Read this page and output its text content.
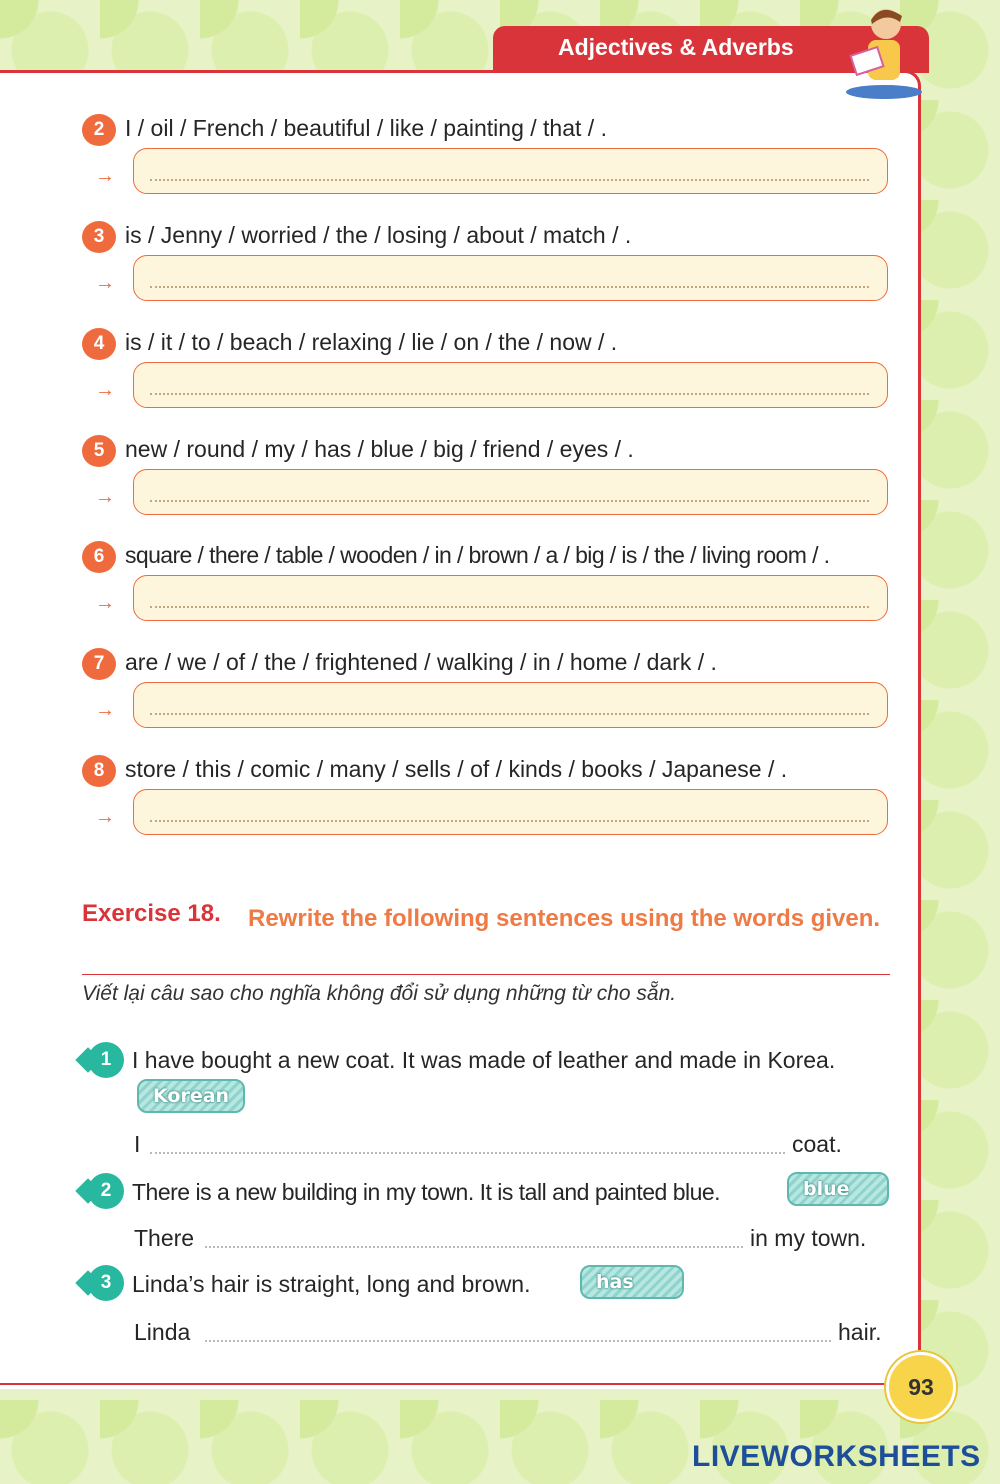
Adjectives & Adverbs
2 I / oil / French / beautiful / like / painting / that / .
→
3 is / Jenny / worried / the / losing / about / match / .
→
4 is / it / to / beach / relaxing / lie / on / the / now / .
→
5 new / round / my / has / blue / big / friend / eyes / .
→
6 square / there / table / wooden / in / brown / a / big / is / the / living room / .
→
7 are / we / of / the / frightened / walking / in / home / dark / .
→
8 store / this / comic / many / sells / of / kinds / books / Japanese / .
→
Exercise 18. Rewrite the following sentences using the words given.
Viết lại câu sao cho nghĩa không đổi sử dụng những từ cho sẵn.
1 I have bought a new coat. It was made of leather and made in Korea.
Korean
I	coat.
2 There is a new building in my town. It is tall and painted blue.	blue
There	in my town.
3 Linda’s hair is straight, long and brown.	has
Linda	hair.
93
LIVEWORKSHEETS
